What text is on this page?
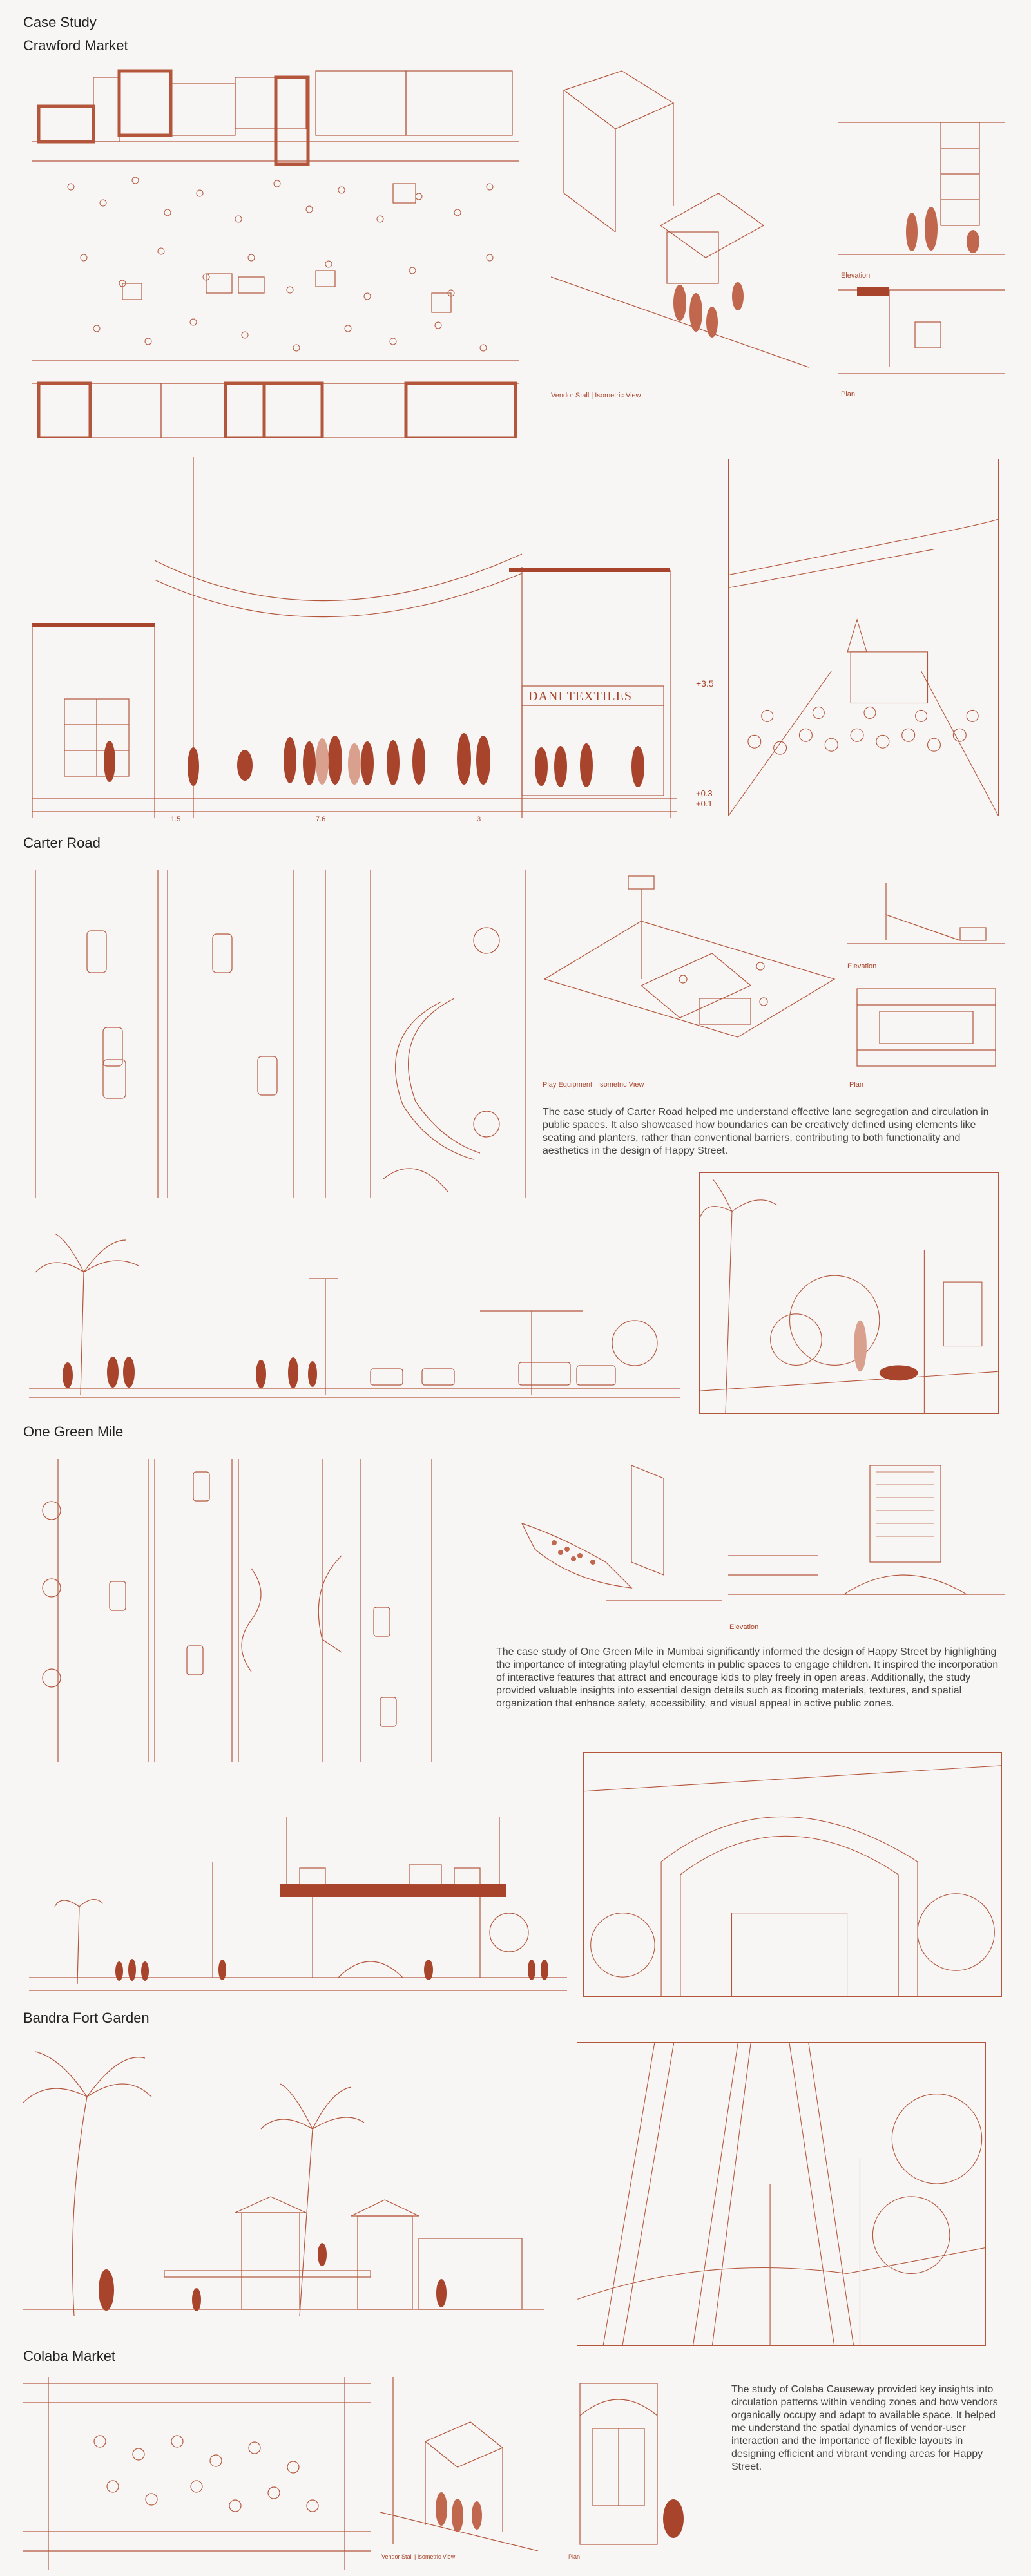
Case Study
Crawford Market
Vendor Stall | Isometric View
Elevation
Plan
+3.5
+0.3
+0.1
1.5	7.6	3
DANI TEXTILES
Carter Road
Play Equipment | Isometric View
Elevation
Plan
The case study of Carter Road helped me understand effective lane segregation and circulation in public spaces. It also showcased how boundaries can be creatively defined using elements like seating and planters, rather than conventional barriers, contributing to both functionality and aesthetics in the design of Happy Street.
One Green Mile
Elevation
The case study of One Green Mile in Mumbai significantly informed the design of Happy Street by highlighting the importance of integrating playful elements in public spaces to engage children. It inspired the incorporation of interactive features that attract and encourage kids to play freely in open areas. Additionally, the study provided valuable insights into essential design details such as flooring materials, textures, and spatial organization that enhance safety, accessibility, and visual appeal in active public zones.
Bandra Fort Garden
Colaba Market
Vendor Stall | Isometric View	Plan
The study of Colaba Causeway provided key insights into circulation patterns within vending zones and how vendors organically occupy and adapt to available space. It helped me understand the spatial dynamics of vendor-user interaction and the importance of flexible layouts in designing efficient and vibrant vending areas for Happy Street.
